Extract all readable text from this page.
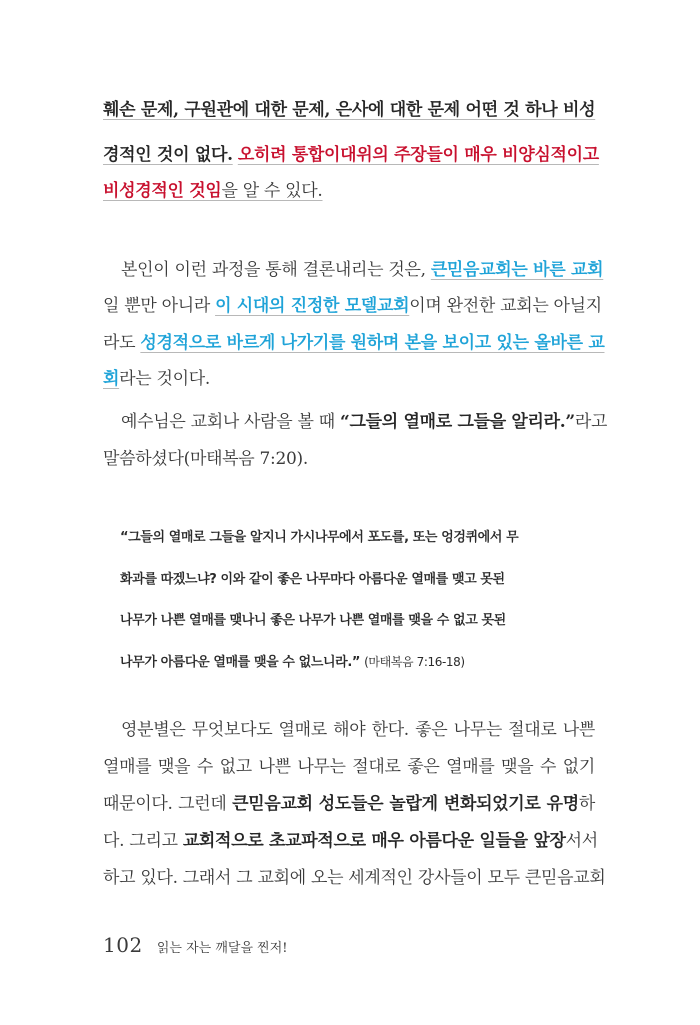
훼손 문제, 구원관에 대한 문제, 은사에 대한 문제 어떤 것 하나 비성
경적인 것이 없다. 오히려 통합이대위의 주장들이 매우 비양심적이고
비성경적인 것임을 알 수 있다.
본인이 이런 과정을 통해 결론내리는 것은, 큰믿음교회는 바른 교회
일 뿐만 아니라 이 시대의 진정한 모델교회이며 완전한 교회는 아닐지
라도 성경적으로 바르게 나가기를 원하며 본을 보이고 있는 올바른 교
회라는 것이다.
예수님은 교회나 사람을 볼 때 “그들의 열매로 그들을 알리라.”라고
말씀하셨다(마태복음 7:20).
“그들의 열매로 그들을 알지니 가시나무에서 포도를, 또는 엉겅퀴에서 무
화과를 따겠느냐? 이와 같이 좋은 나무마다 아름다운 열매를 맺고 못된
나무가 나쁜 열매를 맺나니 좋은 나무가 나쁜 열매를 맺을 수 없고 못된
나무가 아름다운 열매를 맺을 수 없느니라.” (마태복음 7:16-18)
영분별은 무엇보다도 열매로 해야 한다. 좋은 나무는 절대로 나쁜
열매를 맺을 수 없고 나쁜 나무는 절대로 좋은 열매를 맺을 수 없기
때문이다. 그런데 큰믿음교회 성도들은 놀랍게 변화되었기로 유명하
다. 그리고 교회적으로 초교파적으로 매우 아름다운 일들을 앞장서서
하고 있다. 그래서 그 교회에 오는 세계적인 강사들이 모두 큰믿음교회
102 읽는 자는 깨달을 찐저!
